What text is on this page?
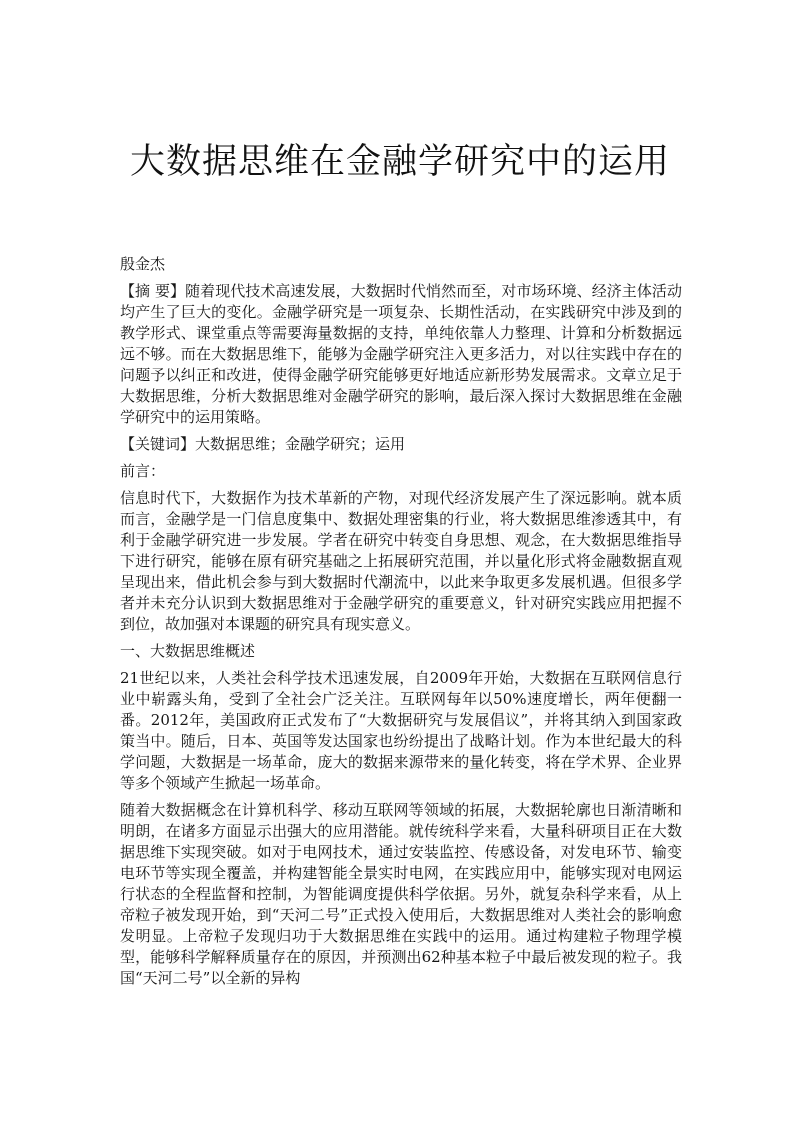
大数据思维在金融学研究中的运用

殷金杰

【摘 要】随着现代技术高速发展，大数据时代悄然而至，对市场环境、经济主体活动均产生了巨大的变化。金融学研究是一项复杂、长期性活动，在实践研究中涉及到的教学形式、课堂重点等需要海量数据的支持，单纯依靠人力整理、计算和分析数据远远不够。而在大数据思维下，能够为金融学研究注入更多活力，对以往实践中存在的问题予以纠正和改进，使得金融学研究能够更好地适应新形势发展需求。文章立足于大数据思维，分析大数据思维对金融学研究的影响，最后深入探讨大数据思维在金融学研究中的运用策略。

【关键词】大数据思维；金融学研究；运用

前言：

信息时代下，大数据作为技术革新的产物，对现代经济发展产生了深远影响。就本质而言，金融学是一门信息度集中、数据处理密集的行业，将大数据思维渗透其中，有利于金融学研究进一步发展。学者在研究中转变自身思想、观念，在大数据思维指导下进行研究，能够在原有研究基础之上拓展研究范围，并以量化形式将金融数据直观呈现出来，借此机会参与到大数据时代潮流中，以此来争取更多发展机遇。但很多学者并未充分认识到大数据思维对于金融学研究的重要意义，针对研究实践应用把握不到位，故加强对本课题的研究具有现实意义。

一、大数据思维概述

21世纪以来，人类社会科学技术迅速发展，自2009年开始，大数据在互联网信息行业中崭露头角，受到了全社会广泛关注。互联网每年以50%速度增长，两年便翻一番。2012年，美国政府正式发布了“大数据研究与发展倡议”，并将其纳入到国家政策当中。随后，日本、英国等发达国家也纷纷提出了战略计划。作为本世纪最大的科学问题，大数据是一场革命，庞大的数据来源带来的量化转变，将在学术界、企业界等多个领域产生掀起一场革命。

随着大数据概念在计算机科学、移动互联网等领域的拓展，大数据轮廓也日渐清晰和明朗，在诸多方面显示出强大的应用潜能。就传统科学来看，大量科研项目正在大数据思维下实现突破。如对于电网技术，通过安装监控、传感设备，对发电环节、输变电环节等实现全覆盖，并构建智能全景实时电网，在实践应用中，能够实现对电网运行状态的全程监督和控制，为智能调度提供科学依据。另外，就复杂科学来看，从上帝粒子被发现开始，到“天河二号”正式投入使用后，大数据思维对人类社会的影响愈发明显。上帝粒子发现归功于大数据思维在实践中的运用。通过构建粒子物理学模型，能够科学解释质量存在的原因，并预测出62种基本粒子中最后被发现的粒子。我国“天河二号”以全新的异构
